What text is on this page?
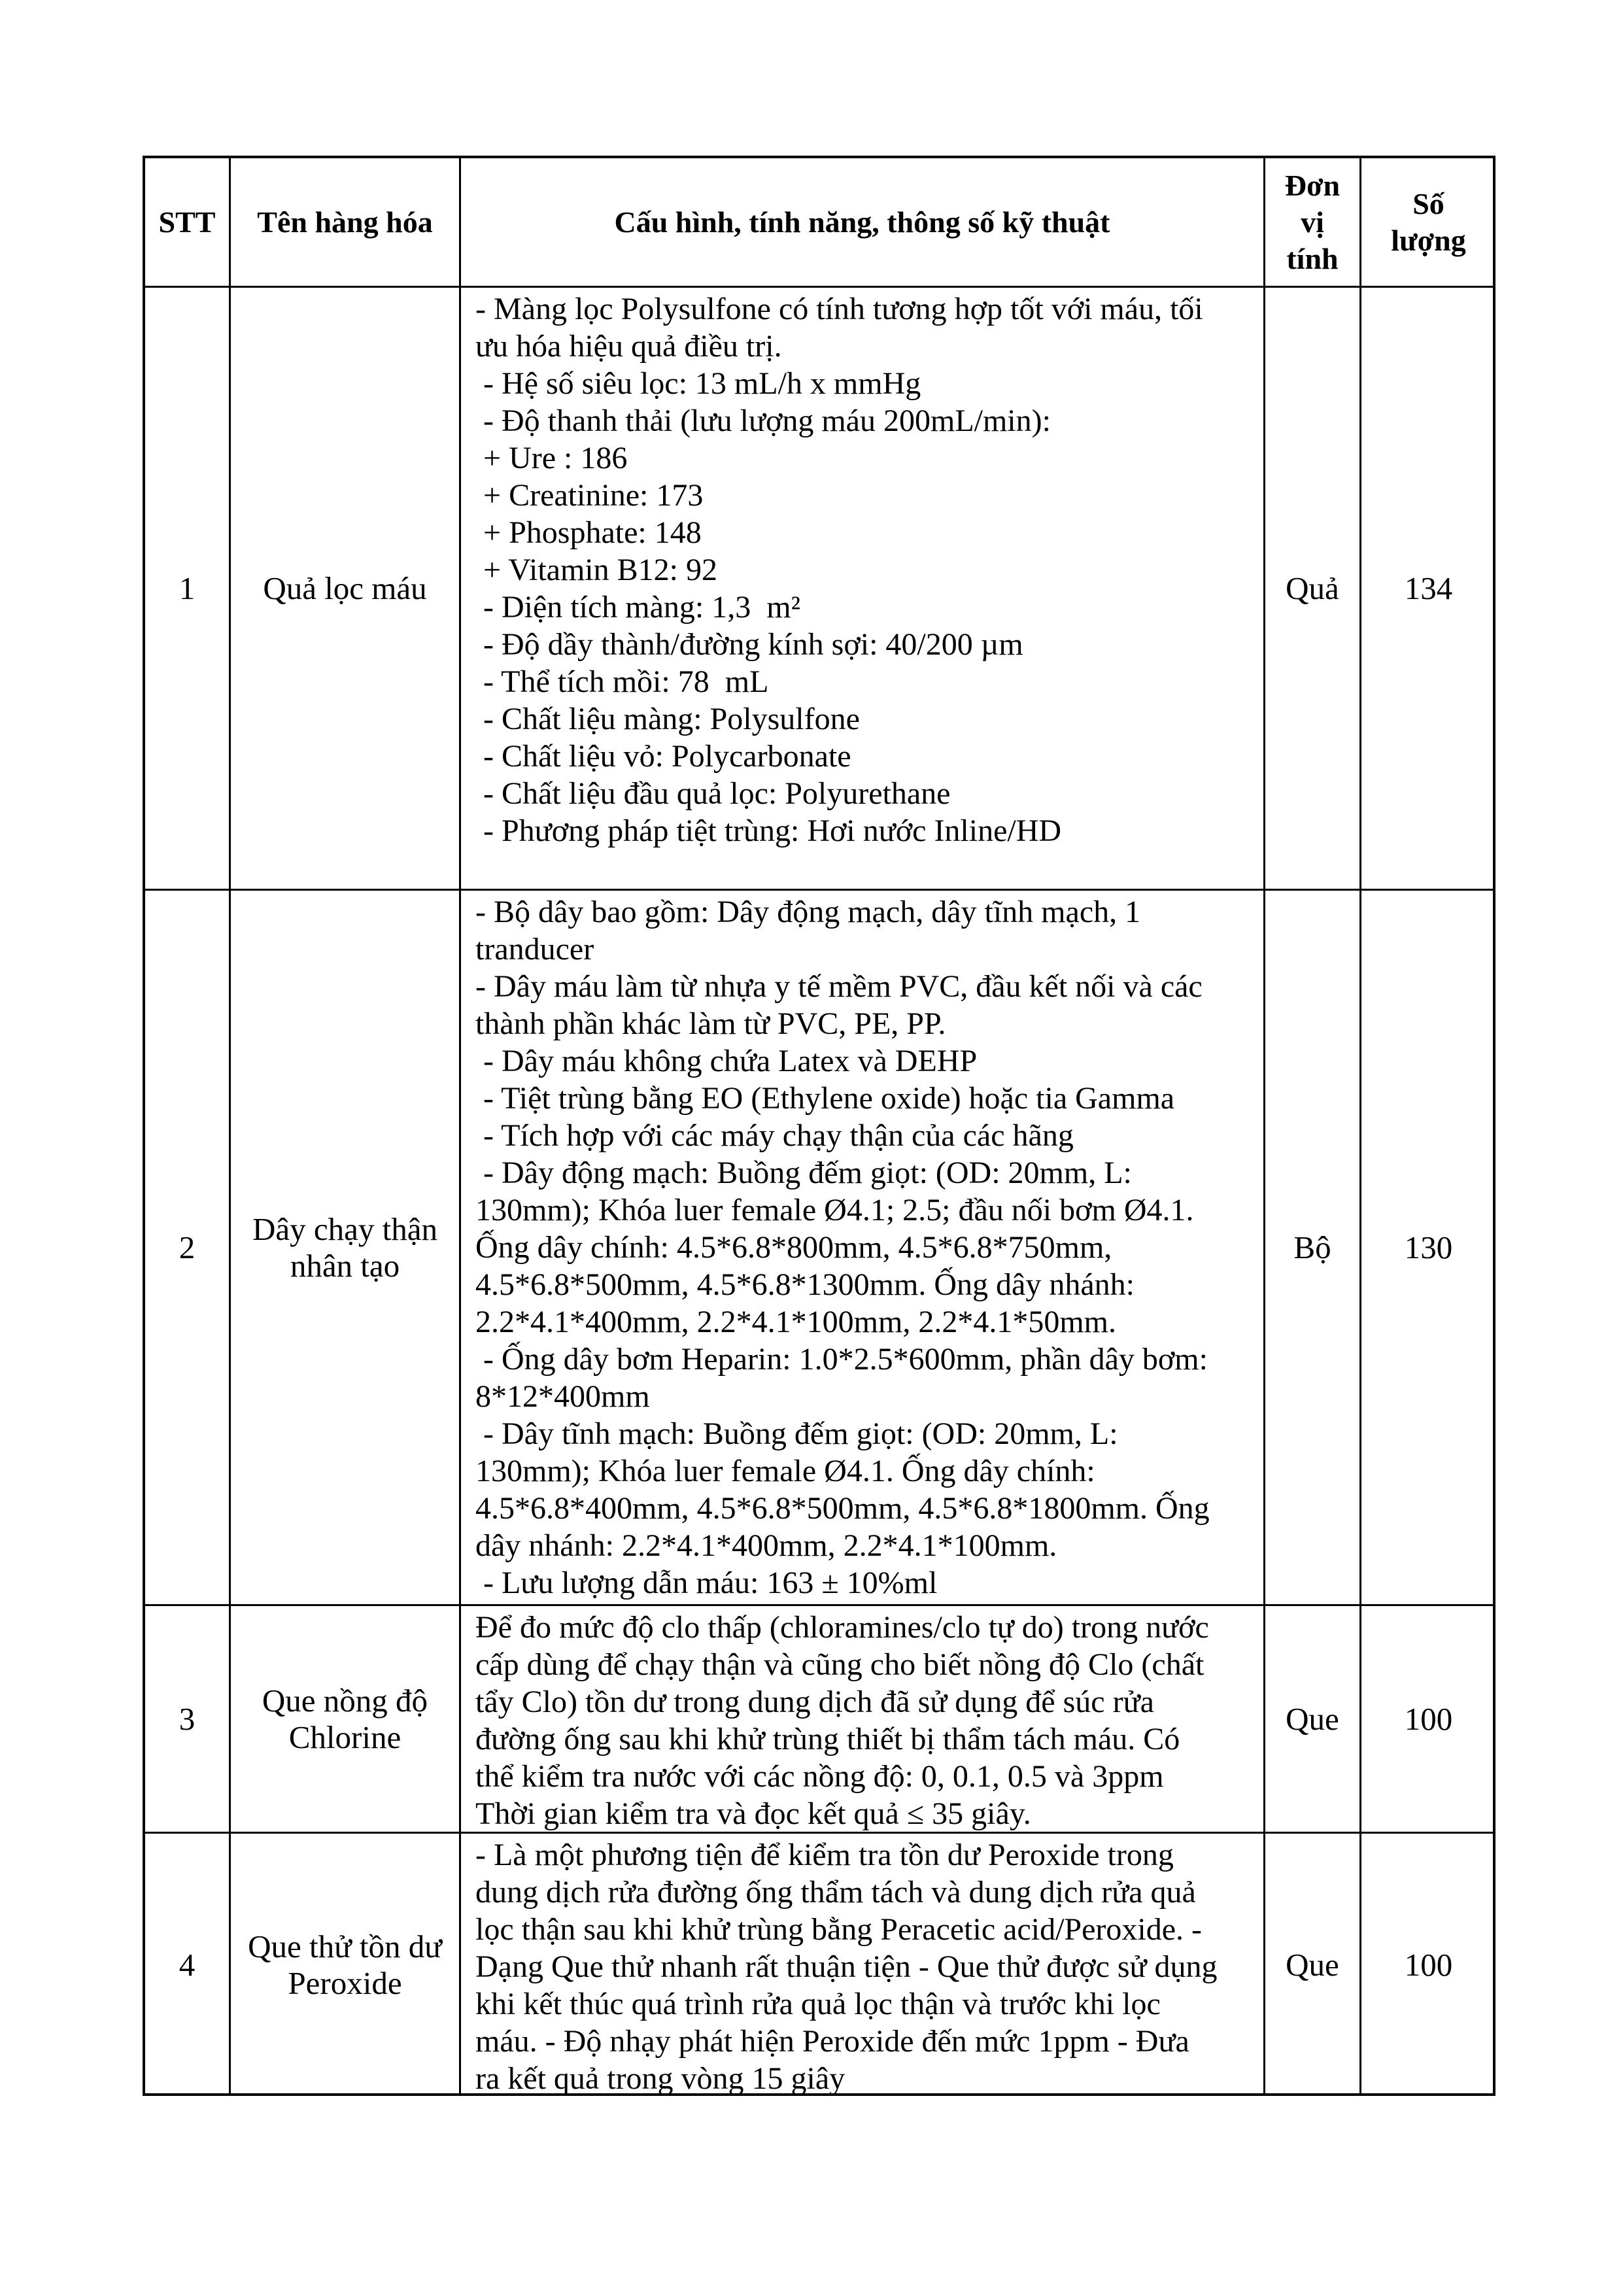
STT Tên hàng hóa	Cấu hình, tính năng, thông số kỹ thuật
Đơn
vị
tính
Số
lượng
1 Quả lọc máu
- Màng lọc Polysulfone có tính tương hợp tốt với máu, tối
ưu hóa hiệu quả điều trị.
- Hệ số siêu lọc: 13 mL/h x mmHg
- Độ thanh thải (lưu lượng máu 200mL/min):
+ Ure : 186
+ Creatinine: 173
+ Phosphate: 148
+ Vitamin B12: 92
- Diện tích màng: 1,3  m²
- Độ dầy thành/đường kính sợi: 40/200 µm
- Thể tích mồi: 78  mL
- Chất liệu màng: Polysulfone
- Chất liệu vỏ: Polycarbonate
- Chất liệu đầu quả lọc: Polyurethane
- Phương pháp tiệt trùng: Hơi nước Inline/HD
Quả 134
2
Dây chạy thận
nhân tạo
- Bộ dây bao gồm: Dây động mạch, dây tĩnh mạch, 1
tranducer
- Dây máu làm từ nhựa y tế mềm PVC, đầu kết nối và các
thành phần khác làm từ PVC, PE, PP.
- Dây máu không chứa Latex và DEHP
- Tiệt trùng bằng EO (Ethylene oxide) hoặc tia Gamma
- Tích hợp với các máy chạy thận của các hãng
- Dây động mạch: Buồng đếm giọt: (OD: 20mm, L:
130mm); Khóa luer female Ø4.1; 2.5; đầu nối bơm Ø4.1.
Ống dây chính: 4.5*6.8*800mm, 4.5*6.8*750mm,
4.5*6.8*500mm, 4.5*6.8*1300mm. Ống dây nhánh:
2.2*4.1*400mm, 2.2*4.1*100mm, 2.2*4.1*50mm.
- Ống dây bơm Heparin: 1.0*2.5*600mm, phần dây bơm:
8*12*400mm
- Dây tĩnh mạch: Buồng đếm giọt: (OD: 20mm, L:
130mm); Khóa luer female Ø4.1. Ống dây chính:
4.5*6.8*400mm, 4.5*6.8*500mm, 4.5*6.8*1800mm. Ống
dây nhánh: 2.2*4.1*400mm, 2.2*4.1*100mm.
- Lưu lượng dẫn máu: 163 ± 10%ml
Bộ 130
3
Que nồng độ
Chlorine
Để đo mức độ clo thấp (chloramines/clo tự do) trong nước
cấp dùng để chạy thận và cũng cho biết nồng độ Clo (chất
tẩy Clo) tồn dư trong dung dịch đã sử dụng để súc rửa
đường ống sau khi khử trùng thiết bị thẩm tách máu. Có
thể kiểm tra nước với các nồng độ: 0, 0.1, 0.5 và 3ppm
Thời gian kiểm tra và đọc kết quả ≤ 35 giây.
Que 100
4
Que thử tồn dư
Peroxide
- Là một phương tiện để kiểm tra tồn dư Peroxide trong
dung dịch rửa đường ống thẩm tách và dung dịch rửa quả
lọc thận sau khi khử trùng bằng Peracetic acid/Peroxide. -
Dạng Que thử nhanh rất thuận tiện - Que thử được sử dụng
khi kết thúc quá trình rửa quả lọc thận và trước khi lọc
máu. - Độ nhạy phát hiện Peroxide đến mức 1ppm - Đưa
ra kết quả trong vòng 15 giây
Que 100
